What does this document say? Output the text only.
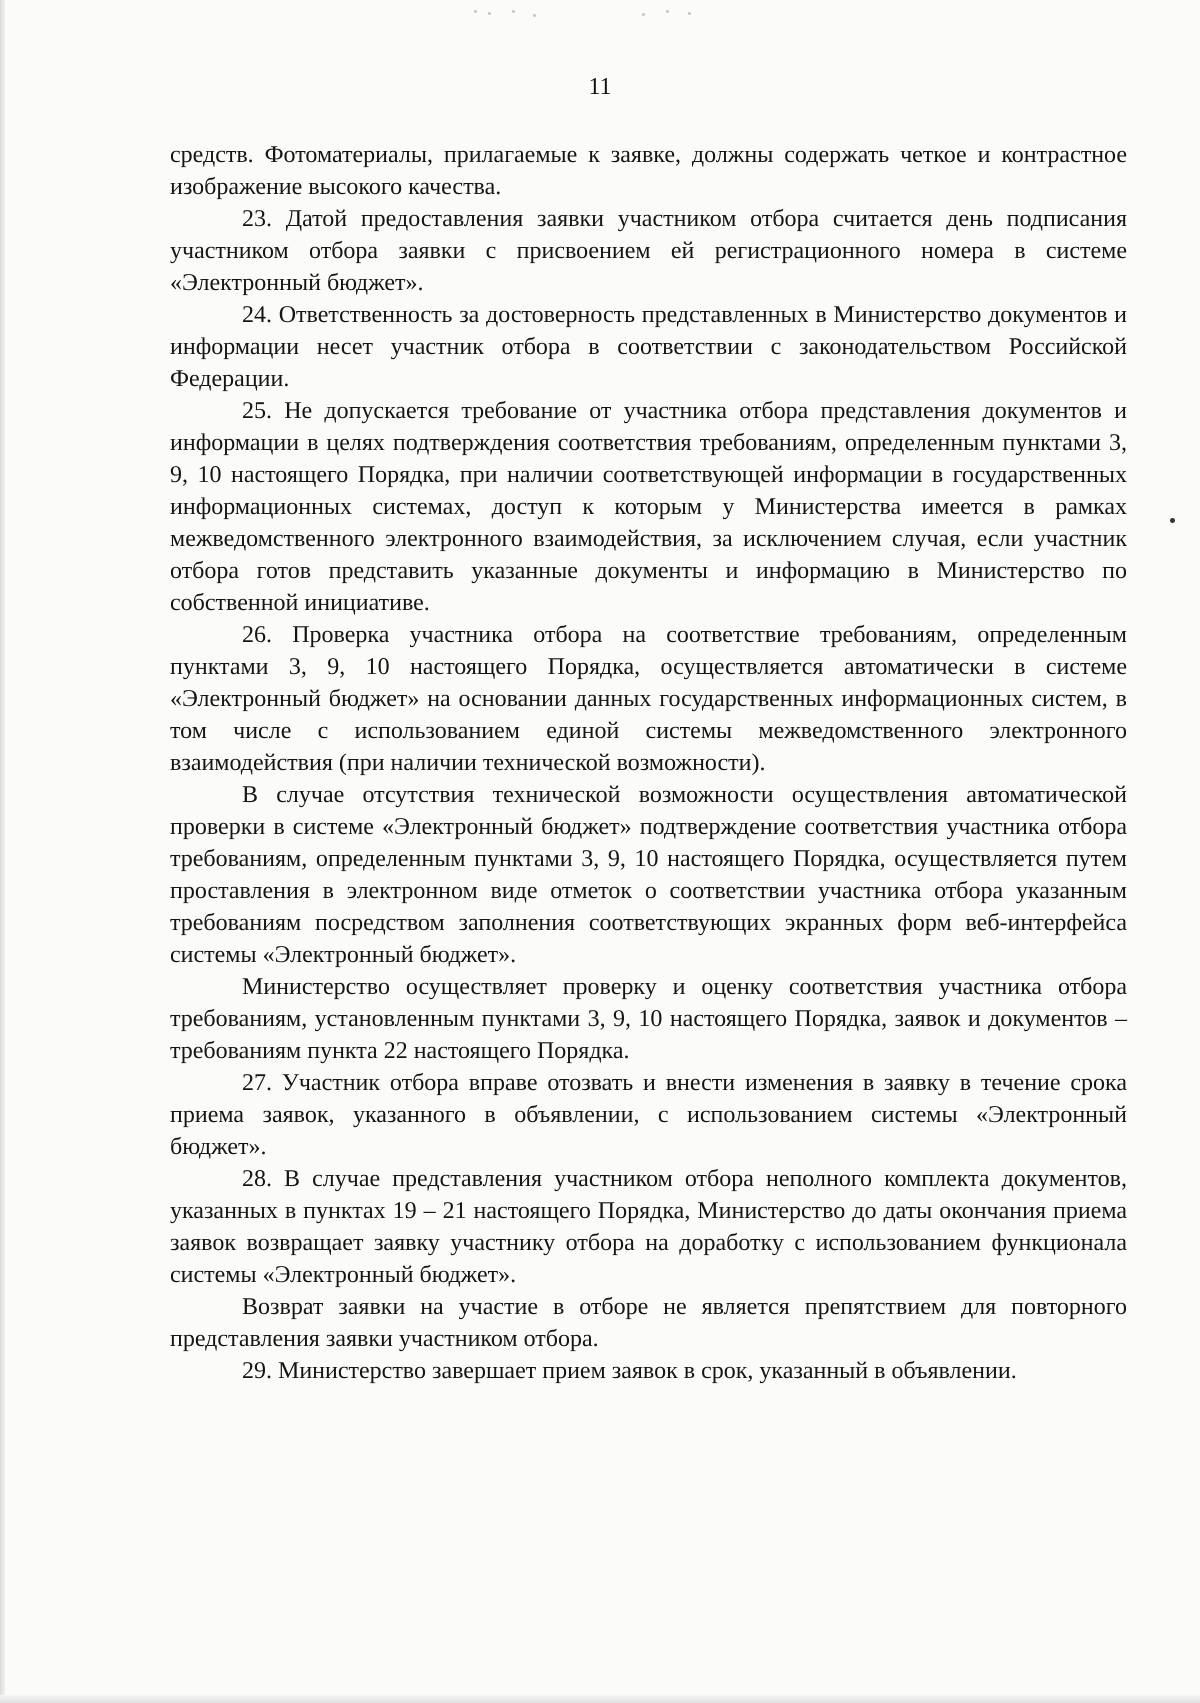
11

средств. Фотоматериалы, прилагаемые к заявке, должны содержать четкое и контрастное изображение высокого качества.

23. Датой предоставления заявки участником отбора считается день подписания участником отбора заявки с присвоением ей регистрационного номера в системе «Электронный бюджет».

24. Ответственность за достоверность представленных в Министерство документов и информации несет участник отбора в соответствии с законодательством Российской Федерации.

25. Не допускается требование от участника отбора представления документов и информации в целях подтверждения соответствия требованиям, определенным пунктами 3, 9, 10 настоящего Порядка, при наличии соответствующей информации в государственных информационных системах, доступ к которым у Министерства имеется в рамках межведомственного электронного взаимодействия, за исключением случая, если участник отбора готов представить указанные документы и информацию в Министерство по собственной инициативе.

26. Проверка участника отбора на соответствие требованиям, определенным пунктами 3, 9, 10 настоящего Порядка, осуществляется автоматически в системе «Электронный бюджет» на основании данных государственных информационных систем, в том числе с использованием единой системы межведомственного электронного взаимодействия (при наличии технической возможности).

В случае отсутствия технической возможности осуществления автоматической проверки в системе «Электронный бюджет» подтверждение соответствия участника отбора требованиям, определенным пунктами 3, 9, 10 настоящего Порядка, осуществляется путем проставления в электронном виде отметок о соответствии участника отбора указанным требованиям посредством заполнения соответствующих экранных форм веб-интерфейса системы «Электронный бюджет».

Министерство осуществляет проверку и оценку соответствия участника отбора требованиям, установленным пунктами 3, 9, 10 настоящего Порядка, заявок и документов – требованиям пункта 22 настоящего Порядка.

27. Участник отбора вправе отозвать и внести изменения в заявку в течение срока приема заявок, указанного в объявлении, с использованием системы «Электронный бюджет».

28. В случае представления участником отбора неполного комплекта документов, указанных в пунктах 19 – 21 настоящего Порядка, Министерство до даты окончания приема заявок возвращает заявку участнику отбора на доработку с использованием функционала системы «Электронный бюджет».

Возврат заявки на участие в отборе не является препятствием для повторного представления заявки участником отбора.

29. Министерство завершает прием заявок в срок, указанный в объявлении.
